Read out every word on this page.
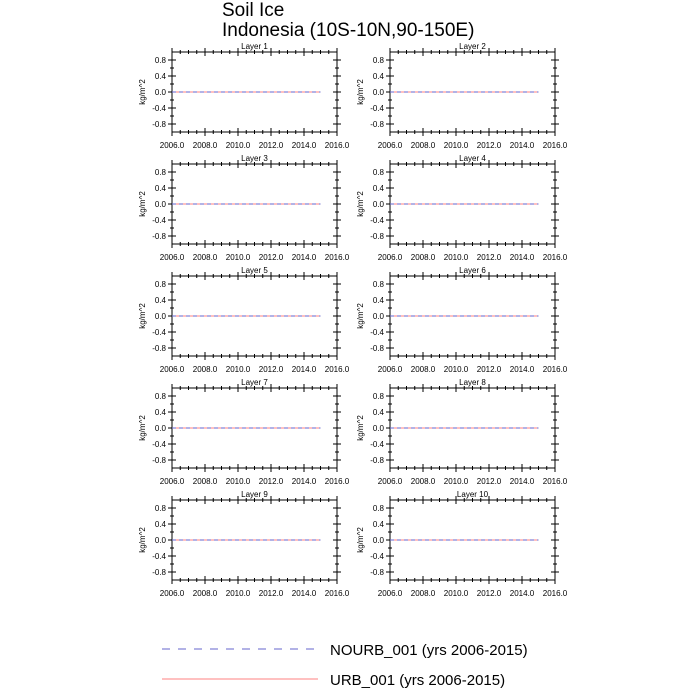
Soil Ice
Indonesia (10S-10N,90-150E)
Layer 1
kg/m^2
0.8
0.4
0.0
-0.4
-0.8
2006.0 2008.0 2010.0 2012.0 2014.0 2016.0
Layer 2
kg/m^2
0.8
0.4
0.0
-0.4
-0.8
2006.0 2008.0 2010.0 2012.0 2014.0 2016.0
Layer 3
kg/m^2
0.8
0.4
0.0
-0.4
-0.8
2006.0 2008.0 2010.0 2012.0 2014.0 2016.0
Layer 4
kg/m^2
0.8
0.4
0.0
-0.4
-0.8
2006.0 2008.0 2010.0 2012.0 2014.0 2016.0
Layer 5
kg/m^2
0.8
0.4
0.0
-0.4
-0.8
2006.0 2008.0 2010.0 2012.0 2014.0 2016.0
Layer 6
kg/m^2
0.8
0.4
0.0
-0.4
-0.8
2006.0 2008.0 2010.0 2012.0 2014.0 2016.0
Layer 7
kg/m^2
0.8
0.4
0.0
-0.4
-0.8
2006.0 2008.0 2010.0 2012.0 2014.0 2016.0
Layer 8
kg/m^2
0.8
0.4
0.0
-0.4
-0.8
2006.0 2008.0 2010.0 2012.0 2014.0 2016.0
Layer 9
kg/m^2
0.8
0.4
0.0
-0.4
-0.8
2006.0 2008.0 2010.0 2012.0 2014.0 2016.0
Layer 10
kg/m^2
0.8
0.4
0.0
-0.4
-0.8
2006.0 2008.0 2010.0 2012.0 2014.0 2016.0
NOURB_001 (yrs 2006-2015)
URB_001 (yrs 2006-2015)
